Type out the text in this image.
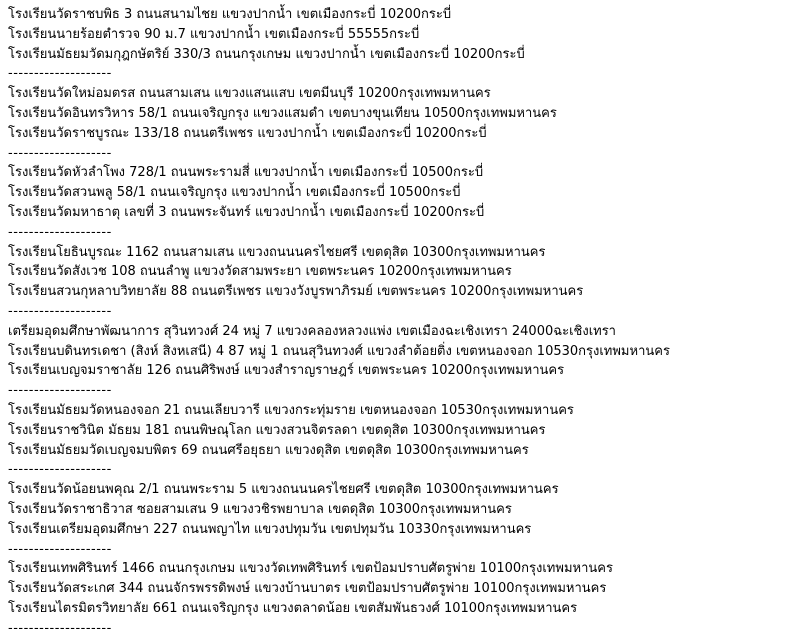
โรงเรียนวัดราชบพิธ 3 ถนนสนามไชย แขวงปากน้ำ เขตเมืองกระบี่ 10200กระบี่
โรงเรียนนายร้อยตำรวจ 90 ม.7 แขวงปากน้ำ เขตเมืองกระบี่ 55555กระบี่
โรงเรียนมัธยมวัดมกุฎกษัตริย์ 330/3 ถนนกรุงเกษม แขวงปากน้ำ เขตเมืองกระบี่ 10200กระบี่
--------------------
โรงเรียนวัดใหม่อมตรส ถนนสามเสน แขวงแสนแสบ เขตมีนบุรี 10200กรุงเทพมหานคร
โรงเรียนวัดอินทรวิหาร 58/1 ถนนเจริญกรุง แขวงแสมดำ เขตบางขุนเทียน 10500กรุงเทพมหานคร
โรงเรียนวัดราชบูรณะ 133/18 ถนนตรีเพชร แขวงปากน้ำ เขตเมืองกระบี่ 10200กระบี่
--------------------
โรงเรียนวัดหัวลำโพง 728/1 ถนนพระรามสี่ แขวงปากน้ำ เขตเมืองกระบี่ 10500กระบี่
โรงเรียนวัดสวนพลู 58/1 ถนนเจริญกรุง แขวงปากน้ำ เขตเมืองกระบี่ 10500กระบี่
โรงเรียนวัดมหาธาตุ เลขที่ 3 ถนนพระจันทร์ แขวงปากน้ำ เขตเมืองกระบี่ 10200กระบี่
--------------------
โรงเรียนโยธินบูรณะ 1162 ถนนสามเสน แขวงถนนนครไชยศรี เขตดุสิต 10300กรุงเทพมหานคร
โรงเรียนวัดสังเวช 108 ถนนลำพู แขวงวัดสามพระยา เขตพระนคร 10200กรุงเทพมหานคร
โรงเรียนสวนกุหลาบวิทยาลัย 88 ถนนตรีเพชร แขวงวังบูรพาภิรมย์ เขตพระนคร 10200กรุงเทพมหานคร
--------------------
เตรียมอุดมศึกษาพัฒนาการ สุวินทวงศ์ 24 หมู่ 7 แขวงคลองหลวงแพ่ง เขตเมืองฉะเชิงเทรา 24000ฉะเชิงเทรา
โรงเรียนบดินทรเดชา (สิงห์ สิงหเสนี) 4 87 หมู่ 1 ถนนสุวินทวงศ์ แขวงลำต้อยติ่ง เขตหนองจอก 10530กรุงเทพมหานคร
โรงเรียนเบญจมราชาลัย 126 ถนนศิริพงษ์ แขวงสำราญราษฎร์ เขตพระนคร 10200กรุงเทพมหานคร
--------------------
โรงเรียนมัธยมวัดหนองจอก 21 ถนนเลียบวารี แขวงกระทุ่มราย เขตหนองจอก 10530กรุงเทพมหานคร
โรงเรียนราชวินิต มัธยม 181 ถนนพิษณุโลก แขวงสวนจิตรลดา เขตดุสิต 10300กรุงเทพมหานคร
โรงเรียนมัธยมวัดเบญจมบพิตร 69 ถนนศรีอยุธยา แขวงดุสิต เขตดุสิต 10300กรุงเทพมหานคร
--------------------
โรงเรียนวัดน้อยนพคุณ 2/1 ถนนพระราม 5 แขวงถนนนครไชยศรี เขตดุสิต 10300กรุงเทพมหานคร
โรงเรียนวัดราชาธิวาส ซอยสามเสน 9 แขวงวชิรพยาบาล เขตดุสิต 10300กรุงเทพมหานคร
โรงเรียนเตรียมอุดมศึกษา 227 ถนนพญาไท แขวงปทุมวัน เขตปทุมวัน 10330กรุงเทพมหานคร
--------------------
โรงเรียนเทพศิรินทร์ 1466 ถนนกรุงเกษม แขวงวัดเทพศิรินทร์ เขตป้อมปราบศัตรูพ่าย 10100กรุงเทพมหานคร
โรงเรียนวัดสระเกศ 344 ถนนจักรพรรดิพงษ์ แขวงบ้านบาตร เขตป้อมปราบศัตรูพ่าย 10100กรุงเทพมหานคร
โรงเรียนไตรมิตรวิทยาลัย 661 ถนนเจริญกรุง แขวงตลาดน้อย เขตสัมพันธวงศ์ 10100กรุงเทพมหานคร
--------------------
